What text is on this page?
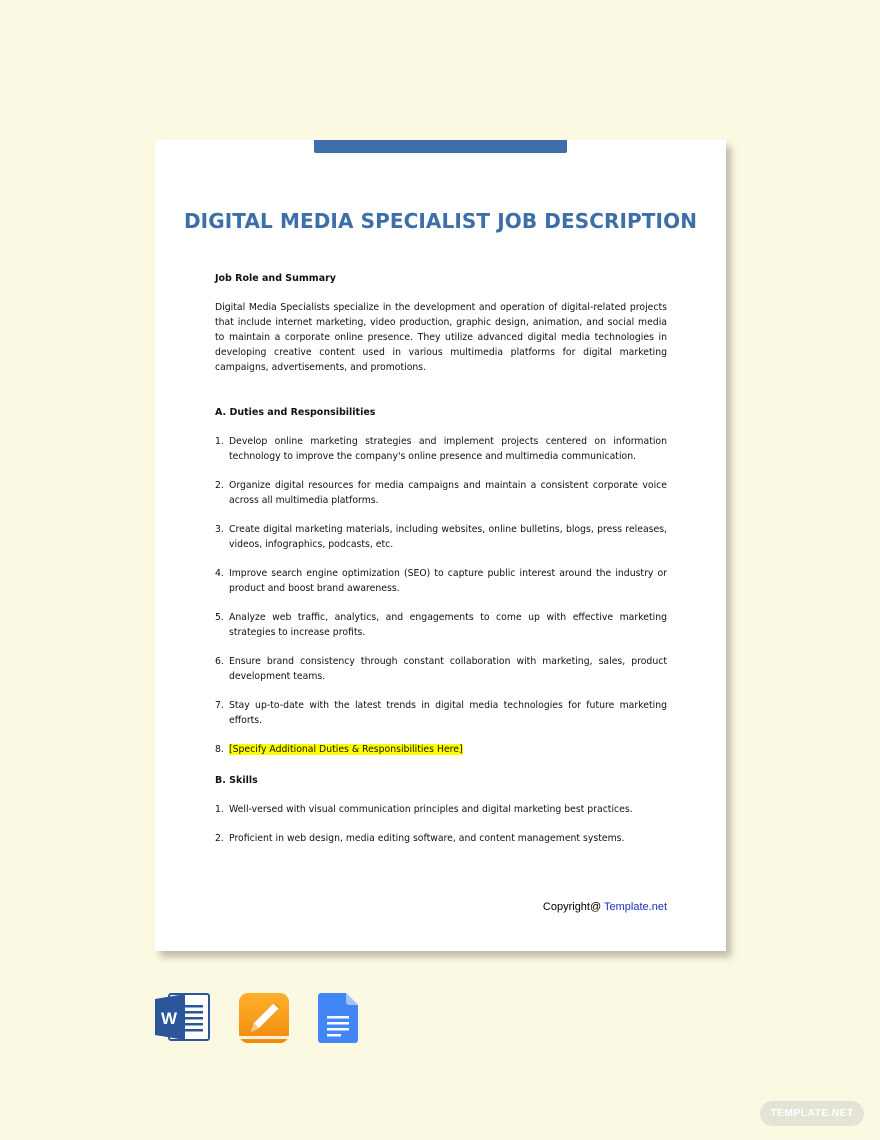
DIGITAL MEDIA SPECIALIST JOB DESCRIPTION

Job Role and Summary

Digital Media Specialists specialize in the development and operation of digital-related projects that include internet marketing, video production, graphic design, animation, and social media to maintain a corporate online presence. They utilize advanced digital media technologies in developing creative content used in various multimedia platforms for digital marketing campaigns, advertisements, and promotions.

A. Duties and Responsibilities

1. Develop online marketing strategies and implement projects centered on information technology to improve the company's online presence and multimedia communication.
2. Organize digital resources for media campaigns and maintain a consistent corporate voice across all multimedia platforms.
3. Create digital marketing materials, including websites, online bulletins, blogs, press releases, videos, infographics, podcasts, etc.
4. Improve search engine optimization (SEO) to capture public interest around the industry or product and boost brand awareness.
5. Analyze web traffic, analytics, and engagements to come up with effective marketing strategies to increase profits.
6. Ensure brand consistency through constant collaboration with marketing, sales, product development teams.
7. Stay up-to-date with the latest trends in digital media technologies for future marketing efforts.
8. [Specify Additional Duties & Responsibilities Here]

B. Skills

1. Well-versed with visual communication principles and digital marketing best practices.
2. Proficient in web design, media editing software, and content management systems.
Copyright@ Template.net
W
TEMPLATE.NET
